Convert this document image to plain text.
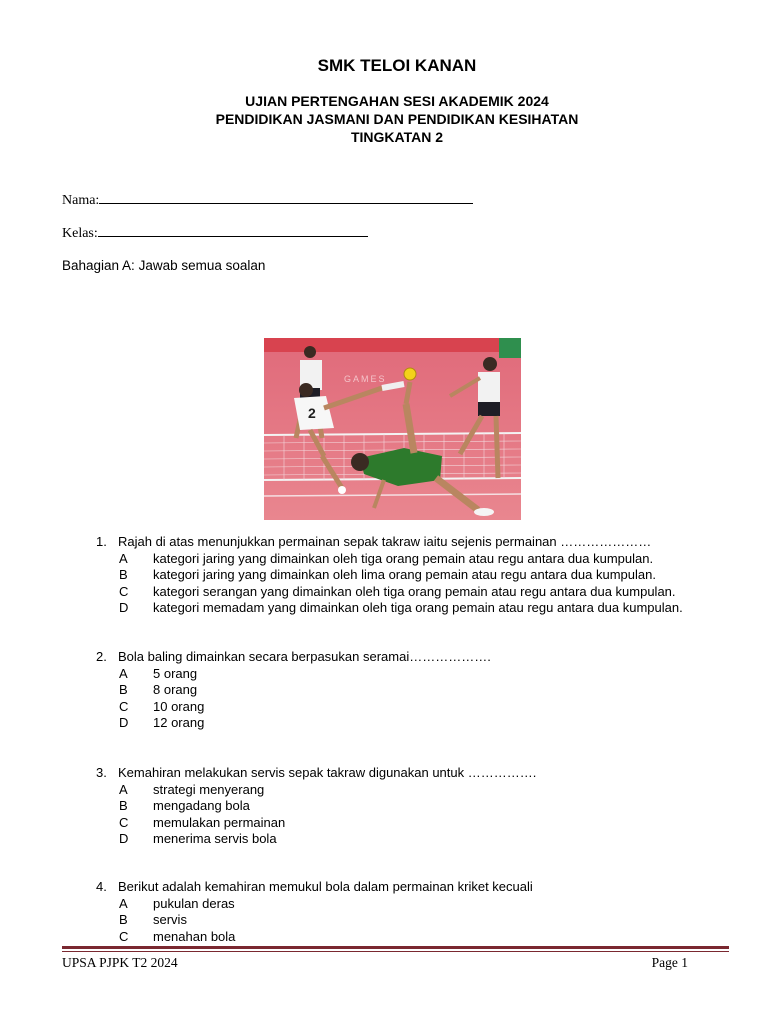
SMK TELOI KANAN
UJIAN PERTENGAHAN SESI AKADEMIK 2024
PENDIDIKAN JASMANI DAN PENDIDIKAN KESIHATAN
TINGKATAN 2
Nama:
Kelas:
Bahagian A: Jawab semua soalan
GAMES
2
1. Rajah di atas menunjukkan permainan sepak takraw iaitu sejenis permainan …………………
A kategori jaring yang dimainkan oleh tiga orang pemain atau regu antara dua kumpulan.
B kategori jaring yang dimainkan oleh lima orang pemain atau regu antara dua kumpulan.
C kategori serangan yang dimainkan oleh tiga orang pemain atau regu antara dua kumpulan.
D kategori memadam yang dimainkan oleh tiga orang pemain atau regu antara dua kumpulan.
2. Bola baling dimainkan secara berpasukan seramai……………….
A 5 orang
B 8 orang
C 10 orang
D 12 orang
3. Kemahiran melakukan servis sepak takraw digunakan untuk …………….
A strategi menyerang
B mengadang bola
C memulakan permainan
D menerima servis bola
4. Berikut adalah kemahiran memukul bola dalam permainan kriket kecuali
A pukulan deras
B servis
C menahan bola
UPSA PJPK T2 2024	Page 1
